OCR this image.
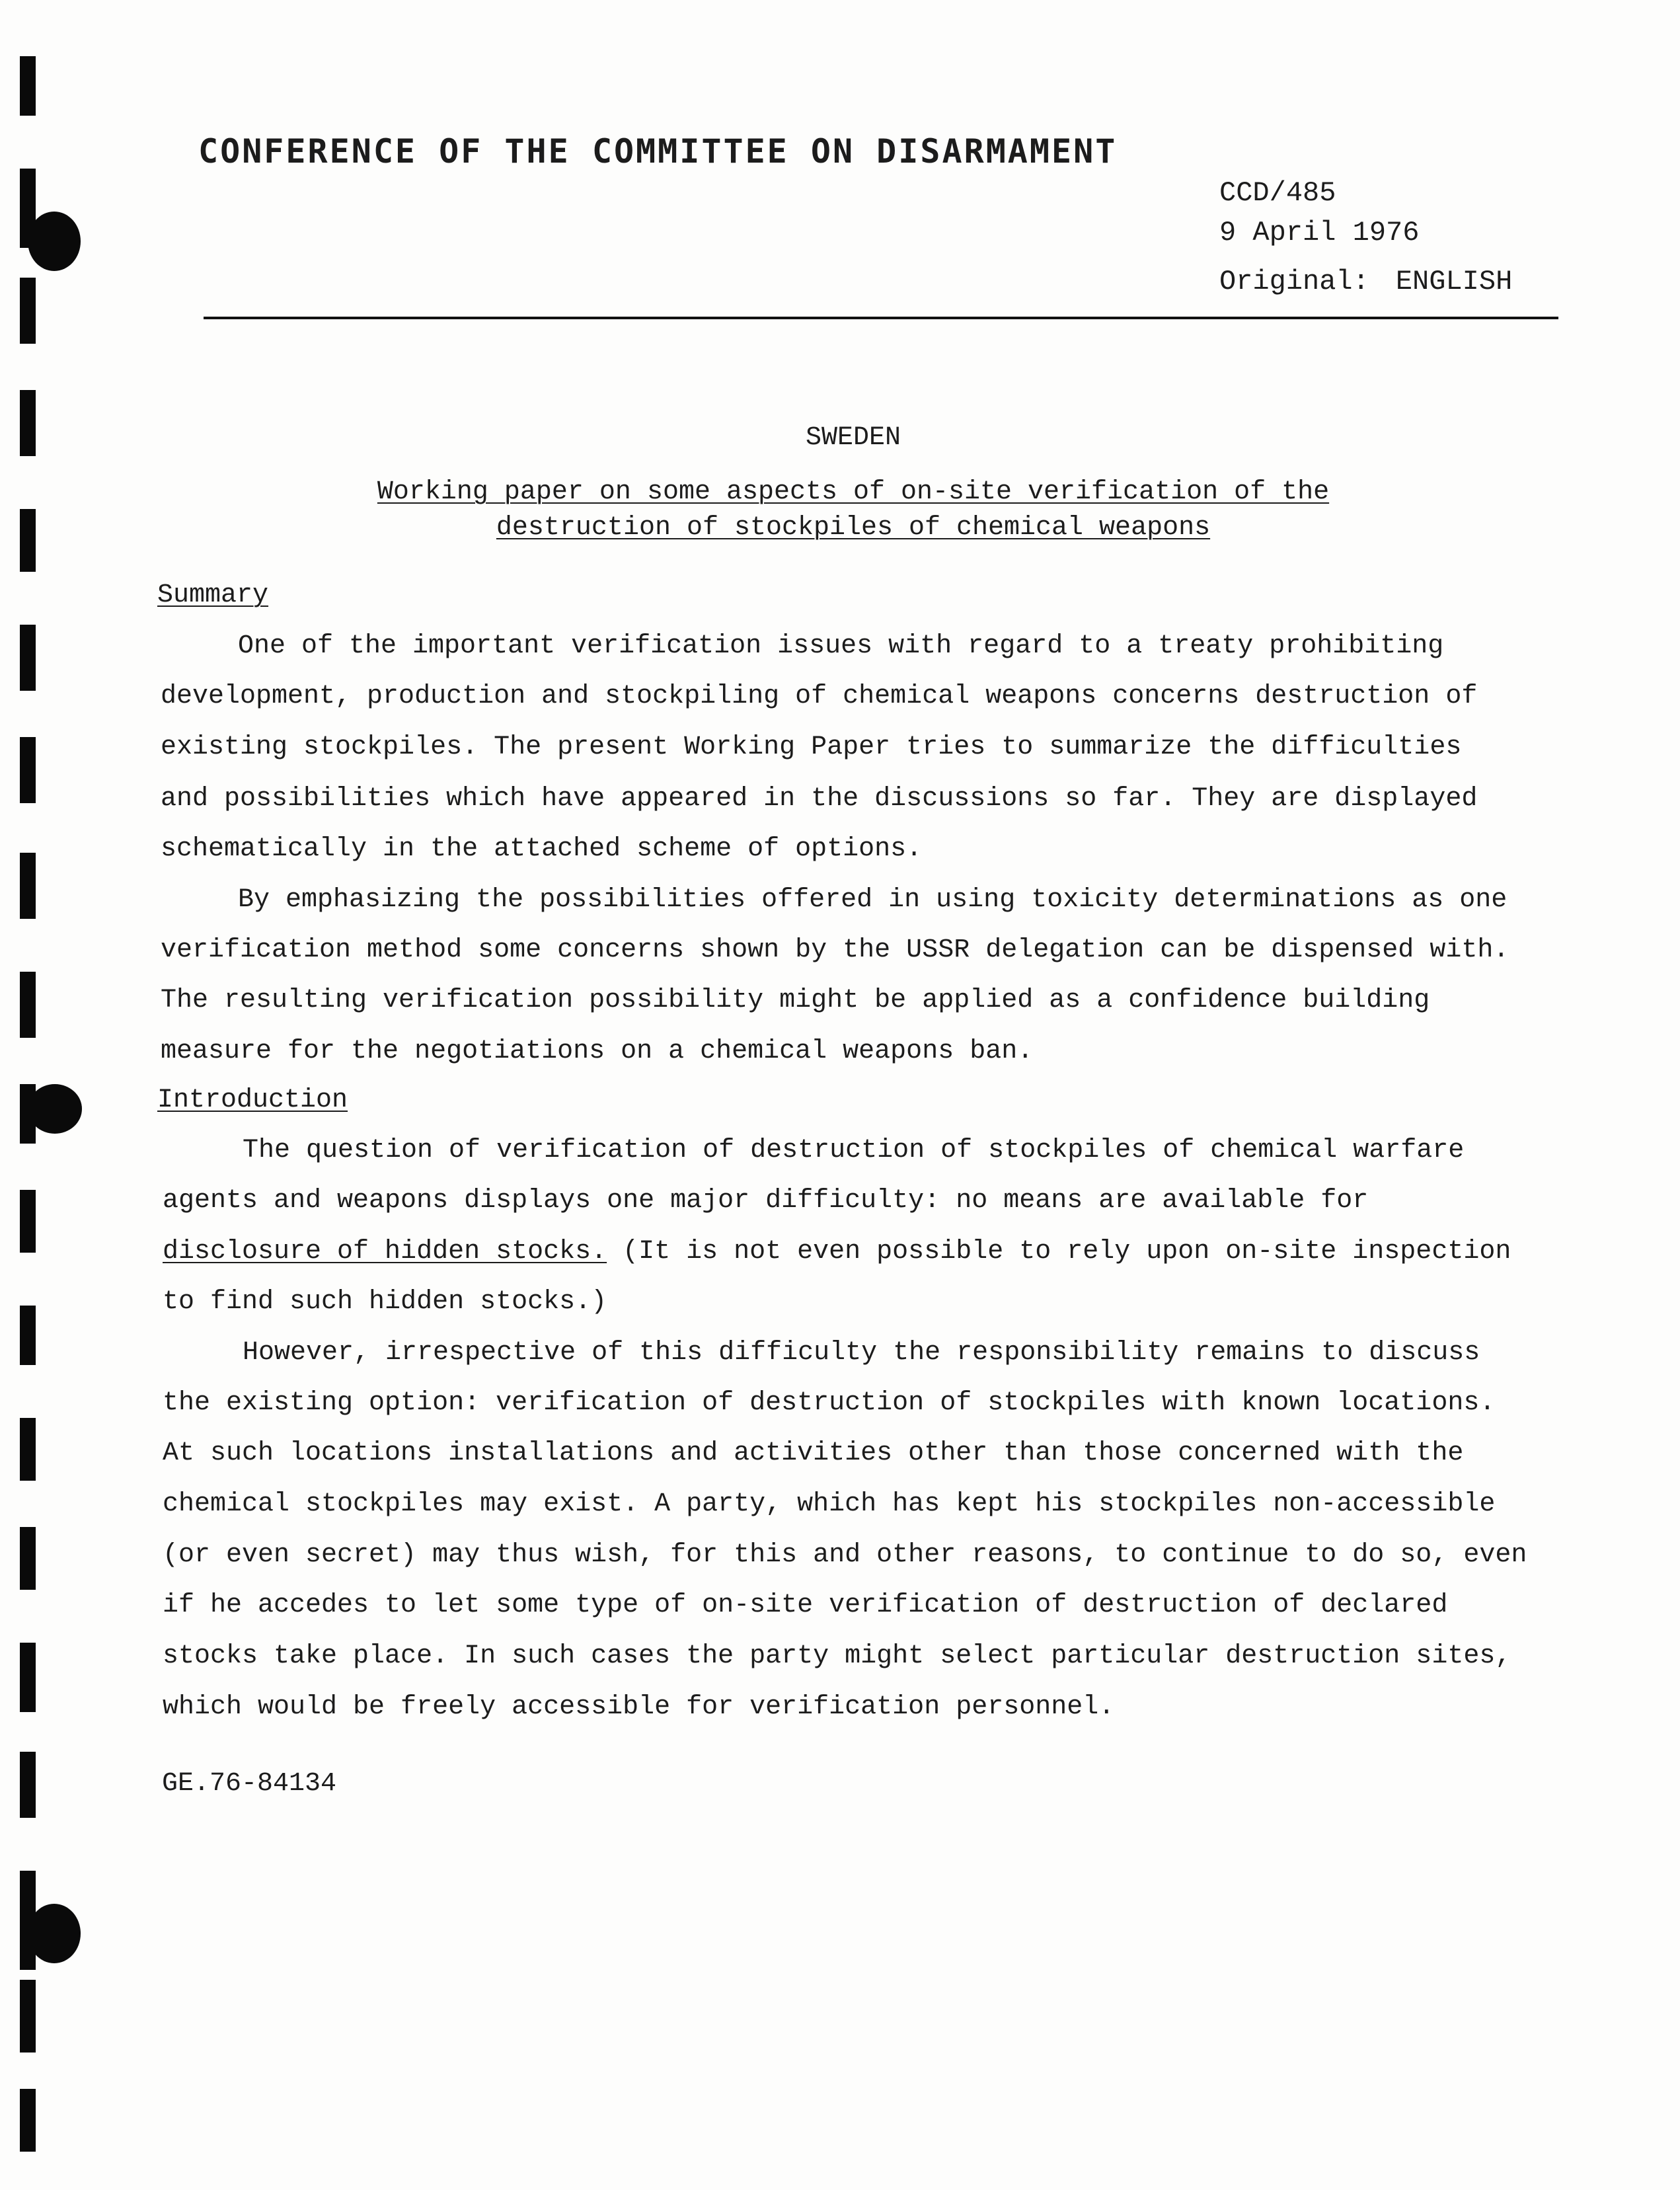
CONFERENCE OF THE COMMITTEE ON DISARMAMENT
CCD/485
9 April 1976
Original: ENGLISH
SWEDEN
Working paper on some aspects of on-site verification of the
destruction of stockpiles of chemical weapons
Summary
One of the important verification issues with regard to a treaty prohibiting
development, production and stockpiling of chemical weapons concerns destruction of
existing stockpiles. The present Working Paper tries to summarize the difficulties
and possibilities which have appeared in the discussions so far. They are displayed
schematically in the attached scheme of options.
By emphasizing the possibilities offered in using toxicity determinations as one
verification method some concerns shown by the USSR delegation can be dispensed with.
The resulting verification possibility might be applied as a confidence building
measure for the negotiations on a chemical weapons ban.
Introduction
The question of verification of destruction of stockpiles of chemical warfare
agents and weapons displays one major difficulty: no means are available for
disclosure of hidden stocks. (It is not even possible to rely upon on-site inspection
to find such hidden stocks.)
However, irrespective of this difficulty the responsibility remains to discuss
the existing option: verification of destruction of stockpiles with known locations.
At such locations installations and activities other than those concerned with the
chemical stockpiles may exist. A party, which has kept his stockpiles non-accessible
(or even secret) may thus wish, for this and other reasons, to continue to do so, even
if he accedes to let some type of on-site verification of destruction of declared
stocks take place. In such cases the party might select particular destruction sites,
which would be freely accessible for verification personnel.
GE.76-84134
